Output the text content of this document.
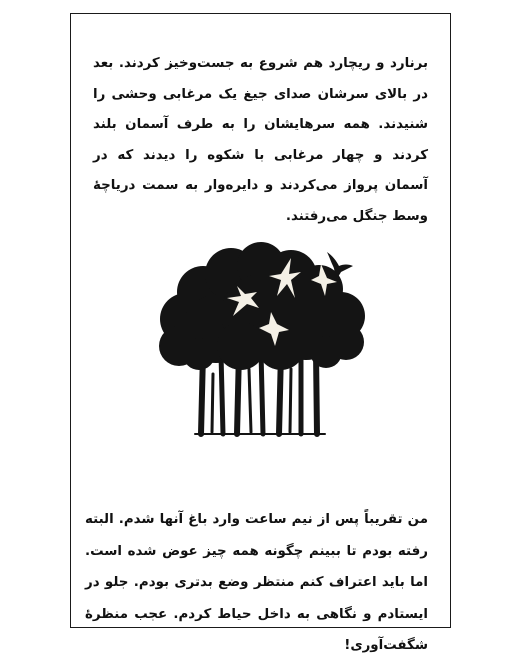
برنارد و ریچارد هم شروع به جست‌وخیز کردند. بعد در بالای سرشان صدای جیغ یک مرغابی وحشی را شنیدند. همه سرهایشان را به طرف آسمان بلند کردند و چهار مرغابی با شکوه را دیدند که در آسمان پرواز می‌کردند و دایره‌وار به سمت دریاچهٔ وسط جنگل می‌رفتند.

من تقریباً پس از نیم ساعت وارد باغ آنها شدم. البته رفته بودم تا ببینم چگونه همه چیز عوض شده است. اما باید اعتراف کنم منتظر وضع بدتری بودم. جلو در ایستادم و نگاهی به داخل حیاط کردم. عجب منظرهٔ شگفت‌آوری!
